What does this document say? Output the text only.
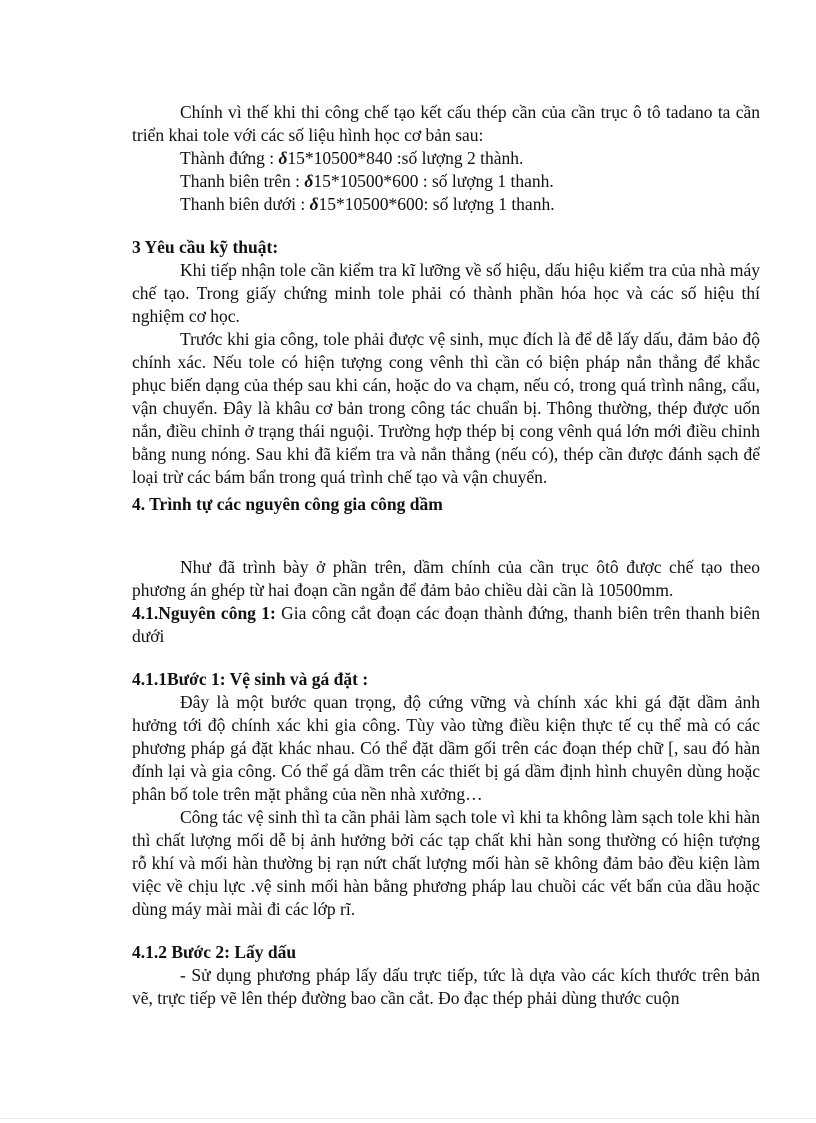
Chính vì thế khi thi công chế tạo kết cấu thép cần của cần trục ô tô tadano ta cần triển khai tole với các số liệu hình học cơ bản sau:

Thành đứng : δ15*10500*840 :số lượng 2 thành.

Thanh biên trên : δ15*10500*600 : số lượng 1 thanh.

Thanh biên dưới : δ15*10500*600: số lượng 1 thanh.

3 Yêu cầu kỹ thuật:

Khi tiếp nhận tole cần kiểm tra kĩ lưỡng về số hiệu, dấu hiệu kiểm tra của nhà máy chế tạo. Trong giấy chứng minh tole phải có thành phần hóa học và các số hiệu thí nghiệm cơ học.

Trước khi gia công, tole phải được vệ sinh, mục đích là để dễ lấy dấu, đảm bảo độ chính xác. Nếu tole có hiện tượng cong vênh thì cần có biện pháp nắn thẳng để khắc phục biến dạng của thép sau khi cán, hoặc do va chạm, nếu có, trong quá trình nâng, cẩu, vận chuyển. Đây là khâu cơ bản trong công tác chuẩn bị. Thông thường, thép được uốn nắn, điều chỉnh ở trạng thái nguội. Trường hợp thép bị cong vênh quá lớn mới điều chỉnh bằng nung nóng. Sau khi đã kiểm tra và nắn thẳng (nếu có), thép cần được đánh sạch để loại trừ các bám bẩn trong quá trình chế tạo và vận chuyển.

4. Trình tự các nguyên công gia công dầm

Như đã trình bày ở phần trên, dầm chính của cần trục ôtô được chế tạo theo phương án ghép từ hai đoạn cần ngắn để đảm bảo chiều dài cần là 10500mm.

4.1.Nguyên công 1: Gia công cắt đoạn các đoạn thành đứng, thanh biên trên thanh biên dưới

4.1.1Bước 1: Vệ sinh và gá đặt :

Đây là một bước quan trọng, độ cứng vững và chính xác khi gá đặt dầm ảnh hưởng tới độ chính xác khi gia công. Tùy vào từng điều kiện thực tế cụ thể mà có các phương pháp gá đặt khác nhau. Có thể đặt dầm gối trên các đoạn thép chữ [, sau đó hàn đính lại và gia công. Có thể gá dầm trên các thiết bị gá dầm định hình chuyên dùng hoặc phân bố tole trên mặt phẳng của nền nhà xưởng…

Công tác vệ sinh thì ta cần phải làm sạch tole vì khi ta không làm sạch tole khi hàn thì chất lượng mối dễ bị ảnh hưởng bởi các tạp chất khi hàn song thường có hiện tượng rỗ khí và mối hàn thường bị rạn nứt chất lượng mối hàn sẽ không đảm bảo đều kiện làm việc về chịu lực .vệ sinh mối hàn bằng phương pháp lau chuồi các vết bẩn của dầu hoặc dùng máy mài mài đi các lớp rĩ.

4.1.2 Bước 2: Lấy dấu

- Sử dụng phương pháp lấy dấu trực tiếp, tức là dựa vào các kích thước trên bản vẽ, trực tiếp vẽ lên thép đường bao cần cắt. Đo đạc thép phải dùng thước cuộn
